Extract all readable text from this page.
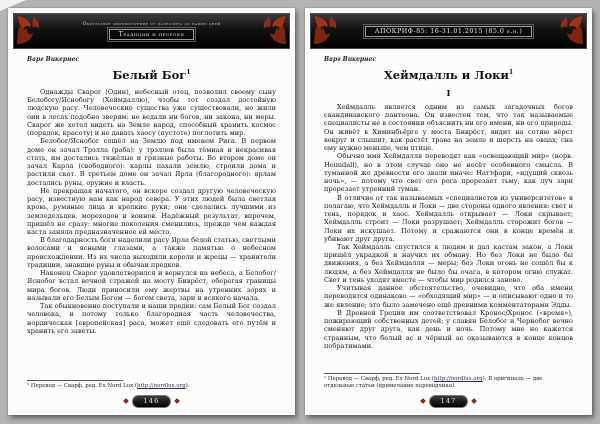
Оккультное мировоззрение от палеолита до наших дней
Традиции и пророки
Варг Викернес
Белый Бог$^1$

Однажды Сварог (Один), небесный отец, позволил своему сыну Белобогу/Яснобогу (Хеймдаллю), чтобы тот создал достойную людскую расу. Человеческие существа уже существовали, но жили они в лесах подобно зверям: не ведали ни богов, ни закона, ни меры. Сварог же хотел видеть на Земле народ, способный хранить космос (порядок, красоту) и не давать хаосу (пустоте) поглотить мир.

Белобог/Яснобог сошёл на Землю под именем Рига. В первом доме он зачал Трэлла (раба): у трэллов была тёмная и некрасивая стать, им достались тяжёлые и грязные работы. Во втором доме он зачал Карла (свободного): карлы пахали землю, строили дома и растили скот. В третьем доме он зачал Ярла (благородного): ярлам достались руны, оружие и власть.

Не прекращая начатого, он вскоре создал другую человеческую расу, известную нам как народ севера. У этих людей была светлая кровь, румяные лица и крепкие руки; они сделались лучшими из земледельцев, мореходов и воинов. Надёжный результат, впрочем, пришёл не сразу: многие поколения сменились, прежде чем каждая каста заняла предназначенное ей место.

В благодарность боги наделили расу Ярла белой статью, светлыми волосами и ясными глазами, а также памятью о небесном происхождении. Из их числа выходили короли и жрецы — хранители традиции, знавшие руны и обычаи предков.

Наконец Сварог удовлетворился и вернулся на небеса, а Белобог/Яснобог встал вечной стражей на мосту Биврёст, оберегая границы мира богов. Люди приносили ему жертвы на утренних зорях и называли его Белым Богом — богом света, зари и всякого начала.

Так обыкновенно поступали и наши предки: сам Белый Бог создал человека, и потому только благородная часть человечества, нордическая [европейская] раса, может ещё следовать его путём и хранить его заветы.

¹ Перевод — Сварф, ред. Ex Nord Lux (http://nordlux.org).

146
АПОКРИФ-85: 16-31.01.2015 (85.0 е.н.)
Варг Викернес
Хеймдалль и Локи$^1$
I

Хеймдалль является одним из самых загадочных богов скандинавского пантеона. Он известен тем, что так называемые специалисты не в состоянии объяснить ни его имени, ни его природы. Он живёт в Химинбьёрге у моста Биврёст, видит на сотню вёрст вокруг и слышит, как растёт трава на земле и шерсть на овцах; сна ему нужно меньше, чем птице.

Обычно имя Хеймдалля переводят как «освещающий мир» (норв. Heimdall), но в этом случае оно не несёт особенного смысла. В туманной же древности его звали иначе: Наттфари, «идущий сквозь ночь», — потому что свет его рога прорезает тьму, как луч зари прорезает утренний туман.

В отличие от так называемых «специалистов из университетов» я полагаю, что Хеймдалль и Локи — две стороны одного явления: свет и тень, порядок и хаос. Хеймдалль открывает — Локи скрывает; Хеймдалль строит — Локи разрушает; Хеймдалль сторожит богов — Локи их искушает. Потому и сражаются они в конце времён и убивают друг друга.

Так Хеймдалль спустился к людям и дал кастам закон, а Локи пришёл украдкой и научил их обману. Но без Локи не было бы движения, а без Хеймдалля — меры; без Локи огонь не сошёл бы к людям, а без Хеймдалля не было бы очага, в котором огню служат. Свет и тень уходят вместе — чтобы мир родился заново.

Учитывая данное обстоятельство, очевидно, что оба имени переводятся одинаково — «обходящий мир» — и описывают одно и то же явление; это было замечено ещё древними комментаторами Эдды.

В Древней Греции им соответствовал Кронос/Хронос («время»), пожирающий собственных детей; у славян Белобог и Чернобог вечно сменяют друг друга, как день и ночь. Потому мне не кажется странным, что белый ас и чёрный ас оказываются в конце концов побратимами.

¹ Перевод — Сварф, ред. Ex Nord Lux (http://nordlux.org). В оригинале — две отдельные статьи (примечание переводчика).

147
